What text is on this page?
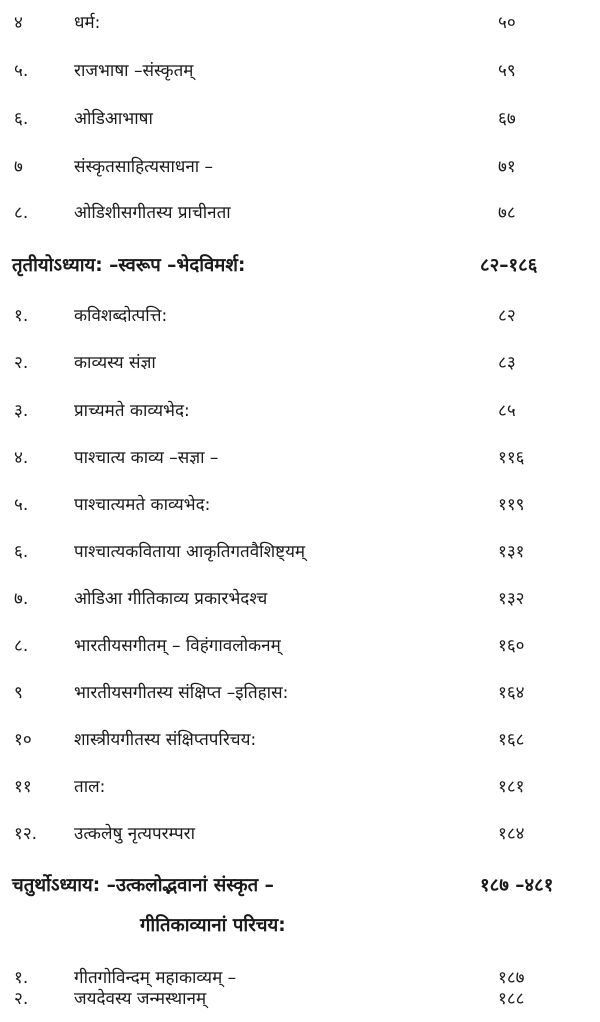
४	धर्म:	५०
५.	राजभाषा –संस्कृतम्	५९
६.	ओडिआभाषा	६७
७	संस्कृतसाहित्यसाधना –	७१
८.	ओडिशीसगीतस्य प्राचीनता	७८
तृतीयोऽध्याय: –स्वरूप –भेदविमर्श:	८२–१८६
१.	कविशब्दोत्पत्ति:	८२
२.	काव्यस्य संज्ञा	८३
३.	प्राच्यमते काव्यभेद:	८५
४.	पाश्चात्य काव्य –सज्ञा –	११६
५.	पाश्चात्यमते काव्यभेद:	११९
६.	पाश्चात्यकविताया आकृतिगतवैशिष्ट्यम्	१३१
७.	ओडिआ गीतिकाव्य प्रकारभेदश्च	१३२
८.	भारतीयसगीतम् – विहंगावलोकनम्	१६०
९	भारतीयसगीतस्य संक्षिप्त –इतिहास:	१६४
१० शास्त्रीयगीतस्य संक्षिप्तपरिचय:	१६८
११ ताल:	१८१
१२. उत्कलेषु नृत्यपरम्परा	१८४
चतुर्थोऽध्याय: –उत्कलोद्भवानां संस्कृत –	१८७ –४८१
गीतिकाव्यानां परिचय:
१.	गीतगोविन्दम् महाकाव्यम् –	१८७
२.	जयदेवस्य जन्मस्थानम्	१८८
